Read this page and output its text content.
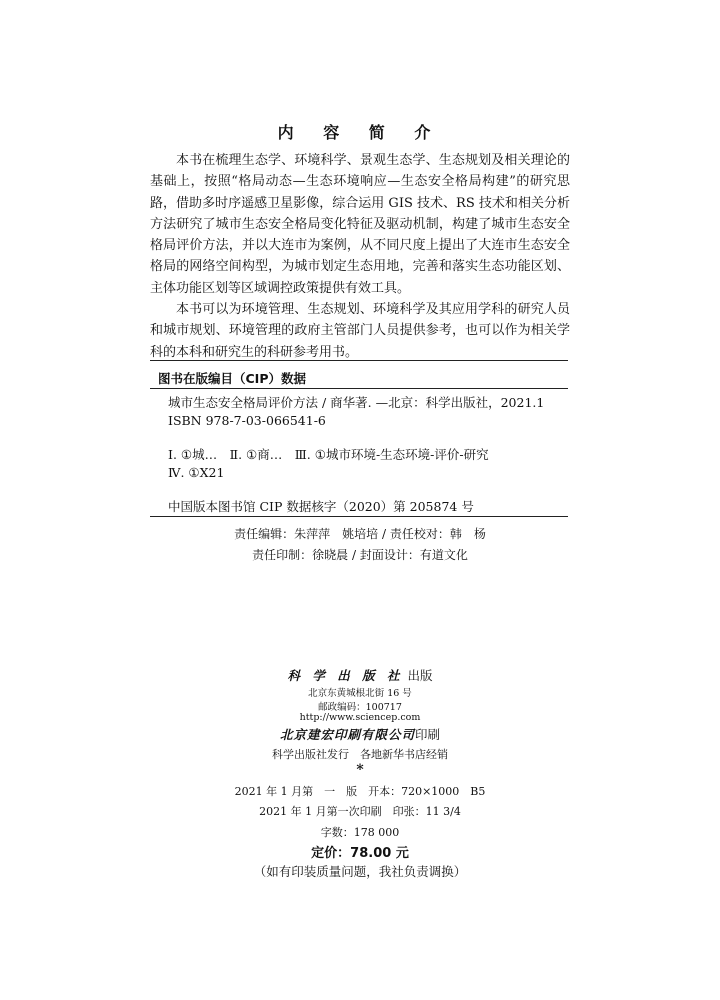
内 容 简 介

本书在梳理生态学、环境科学、景观生态学、生态规划及相关理论的基础上，按照“格局动态—生态环境响应—生态安全格局构建”的研究思路，借助多时序遥感卫星影像，综合运用 GIS 技术、RS 技术和相关分析方法研究了城市生态安全格局变化特征及驱动机制，构建了城市生态安全格局评价方法，并以大连市为案例，从不同尺度上提出了大连市生态安全格局的网络空间构型，为城市划定生态用地，完善和落实生态功能区划、主体功能区划等区域调控政策提供有效工具。

本书可以为环境管理、生态规划、环境科学及其应用学科的研究人员和城市规划、环境管理的政府主管部门人员提供参考，也可以作为相关学科的本科和研究生的科研参考用书。

图书在版编目（CIP）数据
城市生态安全格局评价方法 / 商华著. —北京：科学出版社，2021.1
ISBN 978-7-03-066541-6
Ⅰ. ①城…　Ⅱ. ①商…　Ⅲ. ①城市环境-生态环境-评价-研究
Ⅳ. ①X21
中国版本图书馆 CIP 数据核字（2020）第 205874 号
责任编辑：朱萍萍　姚培培 / 责任校对：韩　杨
责任印制：徐晓晨 / 封面设计：有道文化
科 学 出 版 社 出版
北京东黄城根北街 16 号
邮政编码：100717
http://www.sciencep.com
北京建宏印刷有限公司印刷
科学出版社发行　各地新华书店经销
*
2021 年 1 月第　一　版　开本：720×1000　B5
2021 年 1 月第一次印刷　印张：11 3/4
字数：178 000
定价：78.00 元
（如有印装质量问题，我社负责调换）
